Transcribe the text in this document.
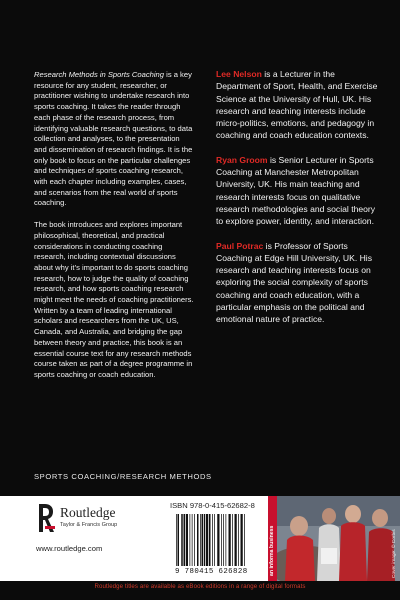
Research Methods in Sports Coaching is a key resource for any student, researcher, or practitioner wishing to undertake research into sports coaching. It takes the reader through each phase of the research process, from identifying valuable research questions, to data collection and analyses, to the presentation and dissemination of research findings. It is the only book to focus on the particular challenges and techniques of sports coaching research, with each chapter including examples, cases, and scenarios from the real world of sports coaching.

The book introduces and explores important philosophical, theoretical, and practical considerations in conducting coaching research, including contextual discussions about why it’s important to do sports coaching research, how to judge the quality of coaching research, and how sports coaching research might meet the needs of coaching practitioners. Written by a team of leading international scholars and researchers from the UK, US, Canada, and Australia, and bridging the gap between theory and practice, this book is an essential course text for any research methods course taken as part of a degree programme in sports coaching or coach education.

Lee Nelson is a Lecturer in the Department of Sport, Health, and Exercise Science at the University of Hull, UK. His research and teaching interests include micro-politics, emotions, and pedagogy in coaching and coach education contexts.

Ryan Groom is Senior Lecturer in Sports Coaching at Manchester Metropolitan University, UK. His main teaching and research interests focus on qualitative research methodologies and social theory to explore power, identity, and interaction.

Paul Potrac is Professor of Sports Coaching at Edge Hill University, UK. His research and teaching interests focus on exploring the social complexity of sports coaching and coach education, with a particular emphasis on the political and emotional nature of practice.

SPORTS COACHING/RESEARCH METHODS
Routledge
Taylor & Francis Group
www.routledge.com
ISBN 978-0-415-62682-8
9 780415 626828	an informa business	Cover image: © Corbis
Routledge titles are available as eBook editions in a range of digital formats
